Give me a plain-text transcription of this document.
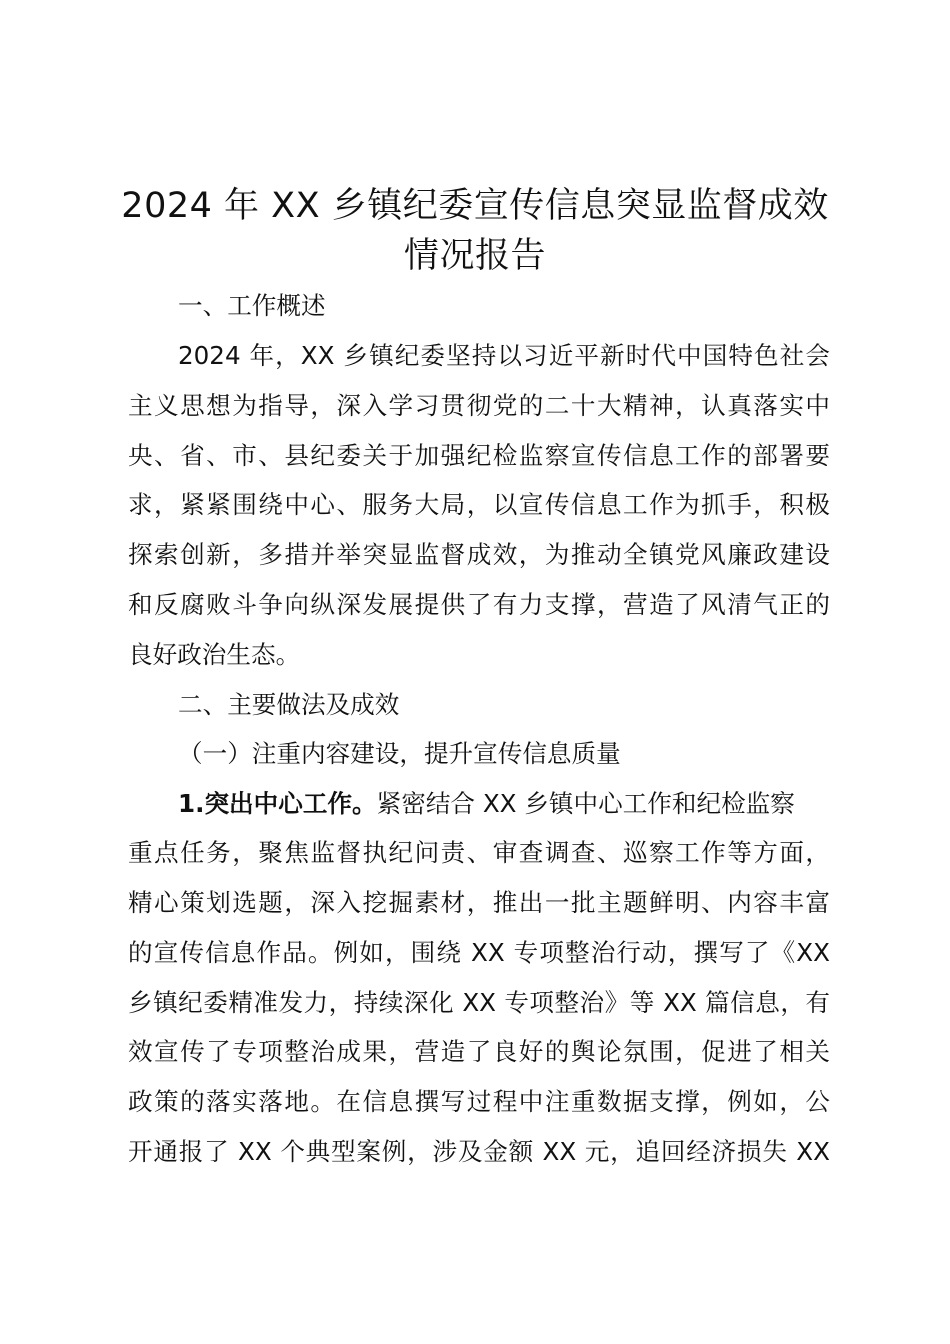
2024 年 XX 乡镇纪委宣传信息突显监督成效
情况报告

一、工作概述

2024 年，XX 乡镇纪委坚持以习近平新时代中国特色社会

主义思想为指导，深入学习贯彻党的二十大精神，认真落实中

央、省、市、县纪委关于加强纪检监察宣传信息工作的部署要

求，紧紧围绕中心、服务大局，以宣传信息工作为抓手，积极

探索创新，多措并举突显监督成效，为推动全镇党风廉政建设

和反腐败斗争向纵深发展提供了有力支撑，营造了风清气正的

良好政治生态。

二、主要做法及成效

（一）注重内容建设，提升宣传信息质量

1.突出中心工作。紧密结合 XX 乡镇中心工作和纪检监察

重点任务，聚焦监督执纪问责、审查调查、巡察工作等方面，

精心策划选题，深入挖掘素材，推出一批主题鲜明、内容丰富

的宣传信息作品。例如，围绕 XX 专项整治行动，撰写了《XX

乡镇纪委精准发力，持续深化 XX 专项整治》等 XX 篇信息，有

效宣传了专项整治成果，营造了良好的舆论氛围，促进了相关

政策的落实落地。在信息撰写过程中注重数据支撑，例如，公

开通报了 XX 个典型案例，涉及金额 XX 元，追回经济损失 XX
